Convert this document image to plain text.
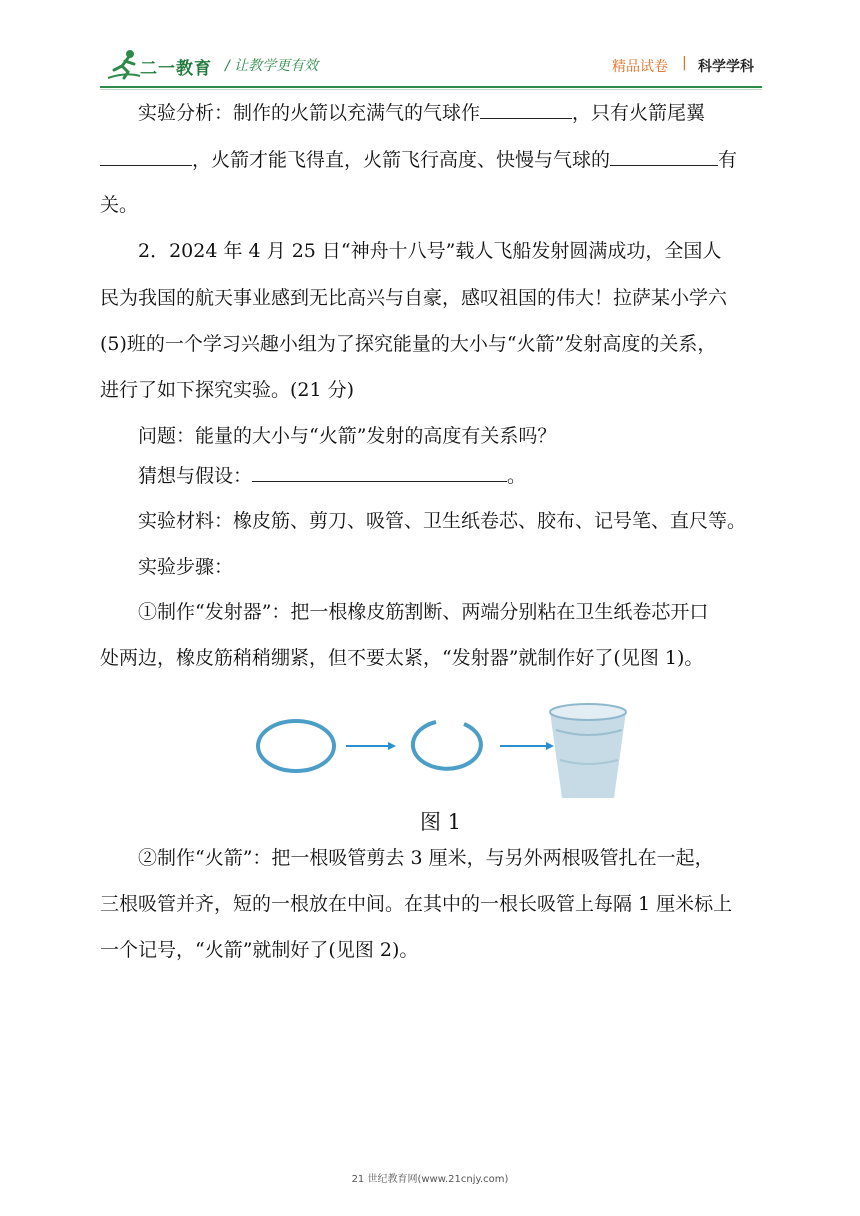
二一教育 / 让教学更有效	精品试卷 | 科学学科
实验分析：制作的火箭以充满气的气球作	，只有火箭尾翼
，火箭才能飞得直，火箭飞行高度、快慢与气球的	有
关。
2．2024 年 4 月 25 日“神舟十八号”载人飞船发射圆满成功，全国人
民为我国的航天事业感到无比高兴与自豪，感叹祖国的伟大！拉萨某小学六
(5)班的一个学习兴趣小组为了探究能量的大小与“火箭”发射高度的关系，
进行了如下探究实验。(21 分)
问题：能量的大小与“火箭”发射的高度有关系吗？
猜想与假设：	。
实验材料：橡皮筋、剪刀、吸管、卫生纸卷芯、胶布、记号笔、直尺等。
实验步骤：
①制作“发射器”：把一根橡皮筋割断、两端分别粘在卫生纸卷芯开口
处两边，橡皮筋稍稍绷紧，但不要太紧，“发射器”就制作好了(见图 1)。
图 1
②制作“火箭”：把一根吸管剪去 3 厘米，与另外两根吸管扎在一起，
三根吸管并齐，短的一根放在中间。在其中的一根长吸管上每隔 1 厘米标上
一个记号，“火箭”就制好了(见图 2)。
21 世纪教育网(www.21cnjy.com)
